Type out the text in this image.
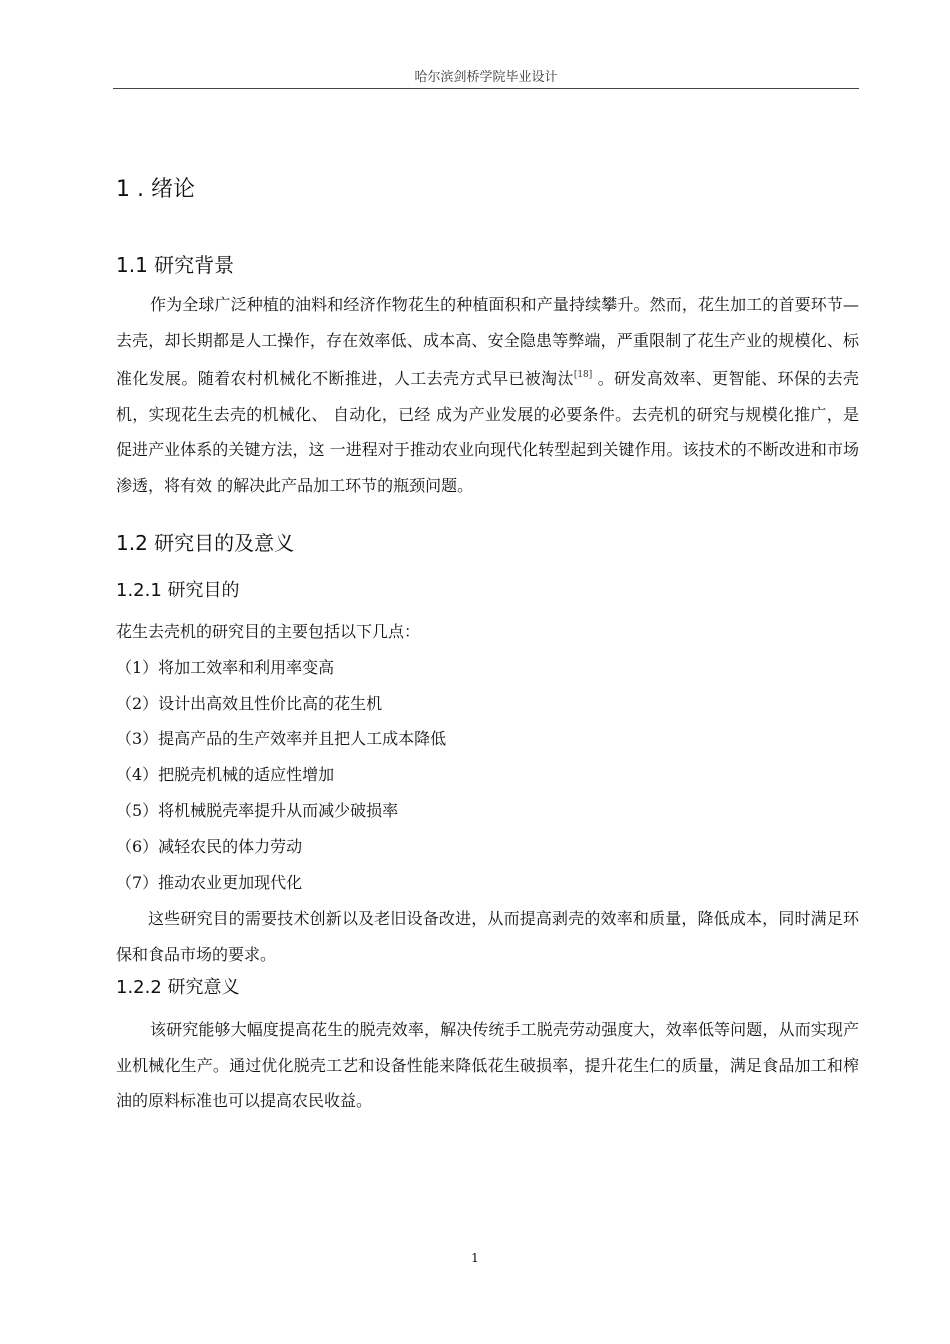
哈尔滨剑桥学院毕业设计
1 . 绪论
1.1 研究背景

作为全球广泛种植的油料和经济作物花生的种植面积和产量持续攀升。然而，花生加工的首要环节—去壳，却长期都是人工操作，存在效率低、成本高、安全隐患等弊端，严重限制了花生产业的规模化、标准化发展。随着农村机械化不断推进，人工去壳方式早已被淘汰[18] 。研发高效率、更智能、环保的去壳机，实现花生去壳的机械化、 自动化，已经 成为产业发展的必要条件。去壳机的研究与规模化推广，是促进产业体系的关键方法，这 一进程对于推动农业向现代化转型起到关键作用。该技术的不断改进和市场渗透，将有效 的解决此产品加工环节的瓶颈问题。

1.2 研究目的及意义
1.2.1 研究目的
花生去壳机的研究目的主要包括以下几点：
（1）将加工效率和利用率变高
（2）设计出高效且性价比高的花生机
（3）提高产品的生产效率并且把人工成本降低
（4）把脱壳机械的适应性增加
（5）将机械脱壳率提升从而减少破损率
（6）减轻农民的体力劳动
（7）推动农业更加现代化

这些研究目的需要技术创新以及老旧设备改进，从而提高剥壳的效率和质量，降低成本，同时满足环保和食品市场的要求。

1.2.2 研究意义

该研究能够大幅度提高花生的脱壳效率，解决传统手工脱壳劳动强度大，效率低等问题，从而实现产业机械化生产。通过优化脱壳工艺和设备性能来降低花生破损率，提升花生仁的质量，满足食品加工和榨油的原料标准也可以提高农民收益。

1
